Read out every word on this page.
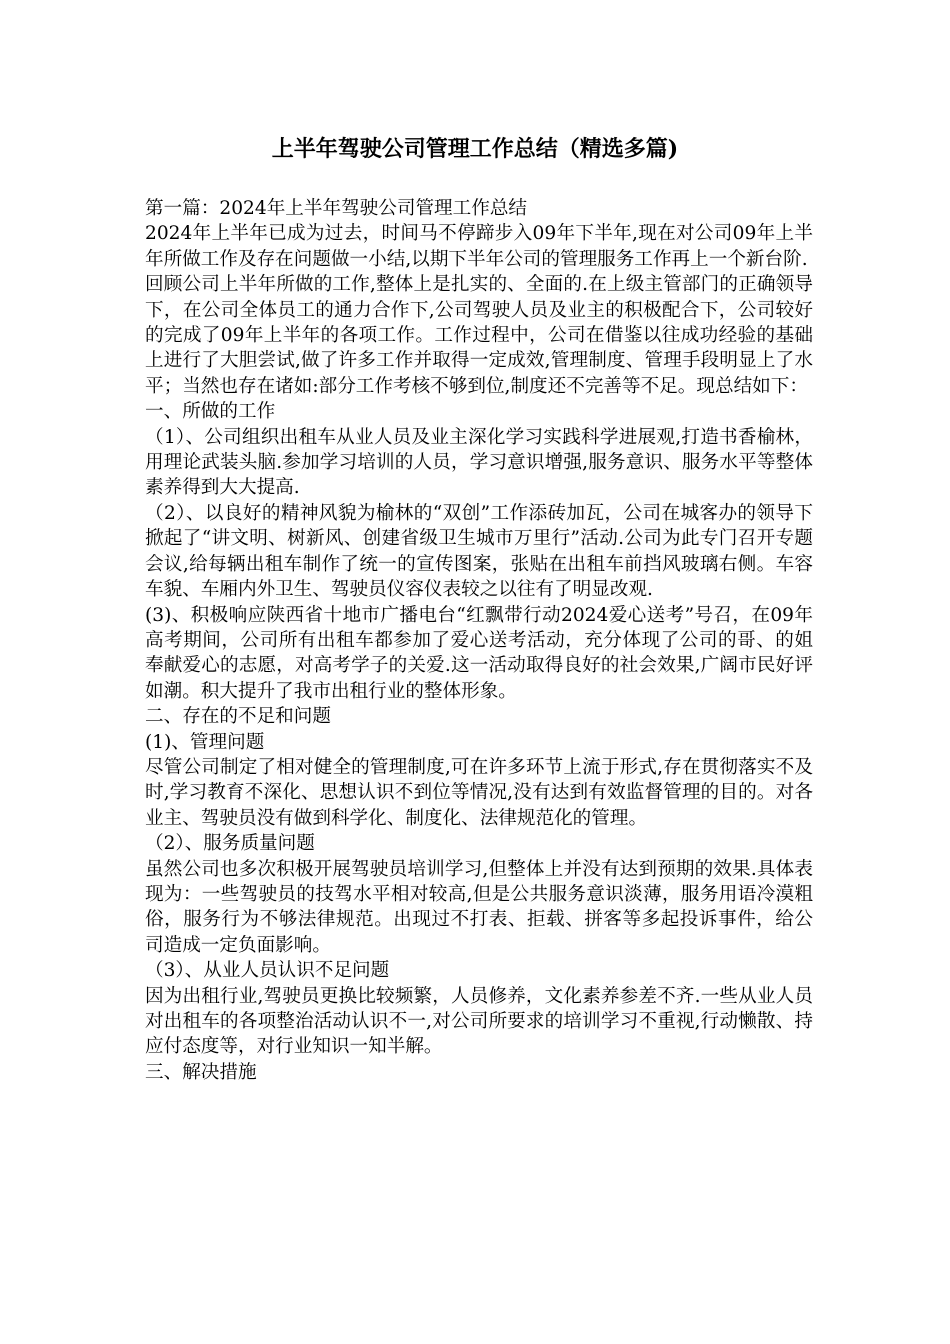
上半年驾驶公司管理工作总结（精选多篇)

第一篇：2024年上半年驾驶公司管理工作总结

2024年上半年已成为过去，时间马不停蹄步入09年下半年,现在对公司09年上半年所做工作及存在问题做一小结,以期下半年公司的管理服务工作再上一个新台阶.

回顾公司上半年所做的工作,整体上是扎实的、全面的.在上级主管部门的正确领导下，在公司全体员工的通力合作下,公司驾驶人员及业主的积极配合下，公司较好的完成了09年上半年的各项工作。工作过程中，公司在借鉴以往成功经验的基础上进行了大胆尝试,做了许多工作并取得一定成效,管理制度、管理手段明显上了水平；当然也存在诸如:部分工作考核不够到位,制度还不完善等不足。现总结如下：

一、所做的工作

（1）、公司组织出租车从业人员及业主深化学习实践科学进展观,打造书香榆林，用理论武装头脑.参加学习培训的人员，学习意识增强,服务意识、服务水平等整体素养得到大大提高.

（2）、以良好的精神风貌为榆林的“双创”工作添砖加瓦，公司在城客办的领导下掀起了“讲文明、树新风、创建省级卫生城市万里行”活动.公司为此专门召开专题会议,给每辆出租车制作了统一的宣传图案，张贴在出租车前挡风玻璃右侧。车容车貌、车厢内外卫生、驾驶员仪容仪表较之以往有了明显改观.

(3)、积极响应陕西省十地市广播电台“红飘带行动2024爱心送考”号召，在09年高考期间，公司所有出租车都参加了爱心送考活动，充分体现了公司的哥、的姐奉献爱心的志愿，对高考学子的关爱.这一活动取得良好的社会效果,广阔市民好评如潮。积大提升了我市出租行业的整体形象。

二、存在的不足和问题

(1)、管理问题

尽管公司制定了相对健全的管理制度,可在许多环节上流于形式,存在贯彻落实不及时,学习教育不深化、思想认识不到位等情况,没有达到有效监督管理的目的。对各业主、驾驶员没有做到科学化、制度化、法律规范化的管理。

（2）、服务质量问题

虽然公司也多次积极开展驾驶员培训学习,但整体上并没有达到预期的效果.具体表现为：一些驾驶员的技驾水平相对较高,但是公共服务意识淡薄，服务用语冷漠粗俗，服务行为不够法律规范。出现过不打表、拒载、拼客等多起投诉事件，给公司造成一定负面影响。

（3）、从业人员认识不足问题

因为出租行业,驾驶员更换比较频繁，人员修养，文化素养参差不齐.一些从业人员对出租车的各项整治活动认识不一,对公司所要求的培训学习不重视,行动懒散、持应付态度等，对行业知识一知半解。

三、解决措施
